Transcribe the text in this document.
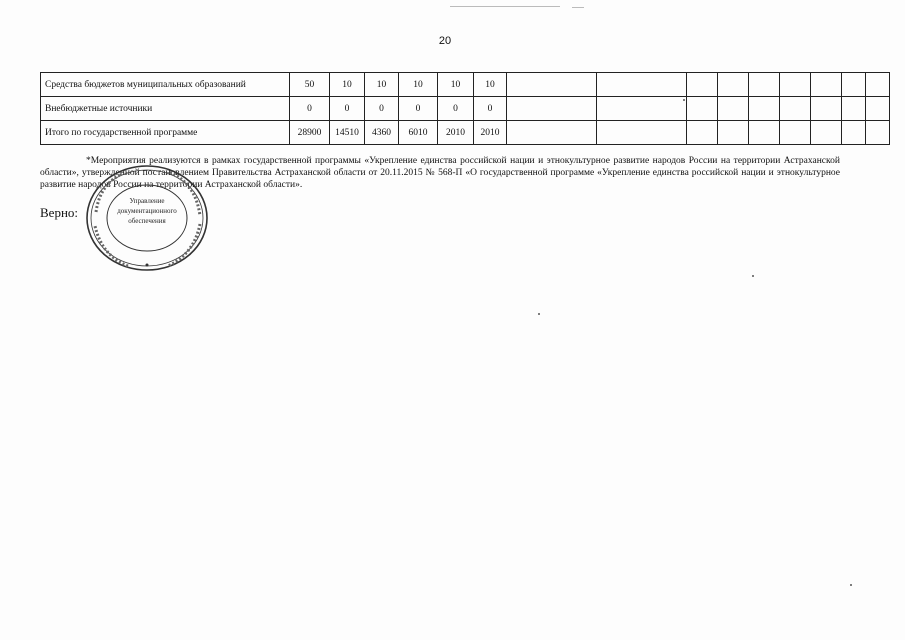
20
Средства бюджетов муниципальных образований	50	10	10	10	10	10									
Внебюджетные источники	0	0	0	0	0	0									
Итого по государственной программе	28900	14510	4360	6010	2010	2010									

*Мероприятия реализуются в рамках государственной программы «Укрепление единства российской нации и этнокультурное развитие народов России на территории Астраханской области», утвержденной постановлением Правительства Астраханской области от 20.11.2015 № 568-П «О государственной программе «Укрепление единства российской нации и этнокультурное развитие народов России на территории Астраханской области».

Верно:
Управление
документационного
обеспечения
